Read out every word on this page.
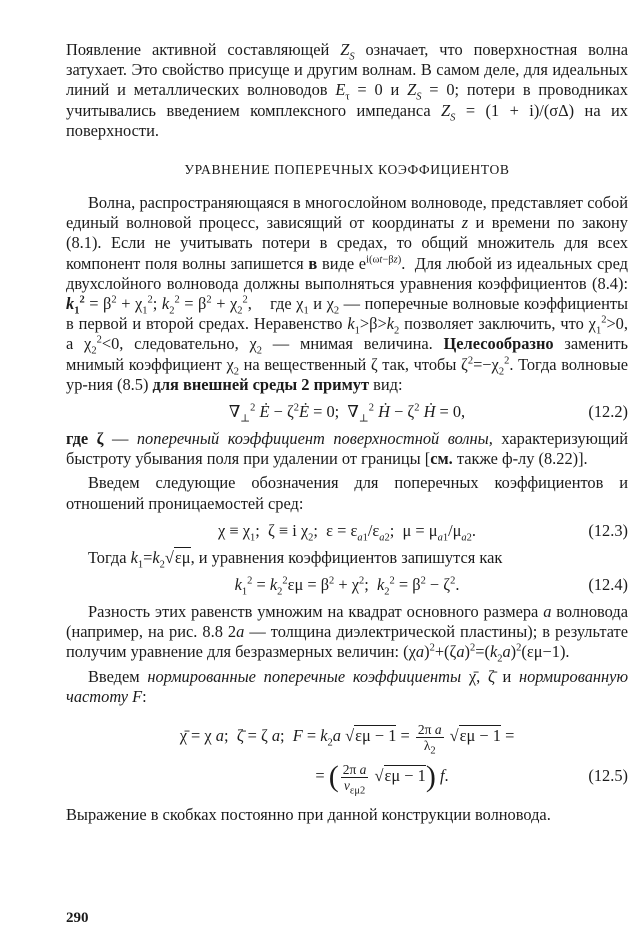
Появление активной составляющей $Z_S$ означает, что поверхностная волна затухает. Это свойство присуще и другим волнам. В самом деле, для идеальных линий и металлических волноводов $E_\tau = 0$ и $Z_S = 0$; потери в проводниках учитывались введением комплексного импеданса $Z_S = (1 + i)/(\sigma\Delta)$ на их поверхности.

УРАВНЕНИЕ ПОПЕРЕЧНЫХ КОЭФФИЦИЕНТОВ

Волна, распространяющаяся в многослойном волноводе, представляет собой единый волновой процесс, зависящий от координаты z и времени по закону (8.1). Если не учитывать потери в средах, то общий множитель для всех компонент поля волны запишется в виде $e^{i(\omega t-\beta z)}$.  Для любой из идеальных сред двухслойного волновода должны выполняться уравнения коэффициентов (8.4): $k_1^2 = \beta^2 + \chi_1^2$; $k_2^2 = \beta^2 + \chi_2^2$,    где $\chi_1$ и $\chi_2$ — поперечные волновые коэффициенты в первой и второй средах. Неравенство $k_1>\beta>k_2$ позволяет заключить, что $\chi_1^2>0$, а $\chi_2^2<0$, следовательно, $\chi_2$ — мнимая величина. Целесообразно заменить мнимый коэффициент $\chi_2$ на вещественный ζ так, чтобы $\zeta^2=-\chi_2^2$. Тогда волновые ур-ния (8.5) для внешней среды 2 примут вид:

$\nabla_\perp^2$ Ė − $\zeta^2Ė = 0$;  $\nabla_\perp^2$ Ḣ − $\zeta^2$ Ḣ = 0,	(12.2)

где ζ — поперечный коэффициент поверхностной волны, характеризующий быстроту убывания поля при удалении от границы [см. также ф-лу (8.22)].

Введем следующие обозначения для поперечных коэффициентов и отношений проницаемостей сред:

$\chi \equiv \chi_1$;  ζ ≡ i $\chi_2$;  $\varepsilon = \varepsilon_{a1}/\varepsilon_{a2}$;  $\mu = \mu_{a1}/\mu_{a2}$.	(12.3)

Тогда $k_1=k_2√\varepsilon\mu$, и уравнения коэффициентов запишутся как

$k_1^2 = k_2^2\varepsilon\mu = \beta^2 + \chi^2$;  $k_2^2 = \beta^2 - \zeta^2$.	(12.4)

Разность этих равенств умножим на квадрат основного размера a волновода (например, на рис. 8.8 2a — толщина диэлектрической пластины); в результате получим уравнение для безразмерных величин: $(\chi a)^2+(\zeta a)^2=(k_2a)^2(\varepsilon\mu-1)$.

Введем нормированные поперечные коэффициенты χ̄, ζ̄ и нормированную частоту F:

χ̄ = χ a;  ζ̄ = ζ a;  $F = k_2a$ $√\varepsilon\mu - 1 = \frac{\text{2π a}}{\lambda_2} √\varepsilon\mu - 1$ =
= ( $\frac{\text{2π a}}{v_{\varepsilon\mu 2}} √\varepsilon\mu - 1$) f.	(12.5)

Выражение в скобках постоянно при данной конструкции волновода.

290
